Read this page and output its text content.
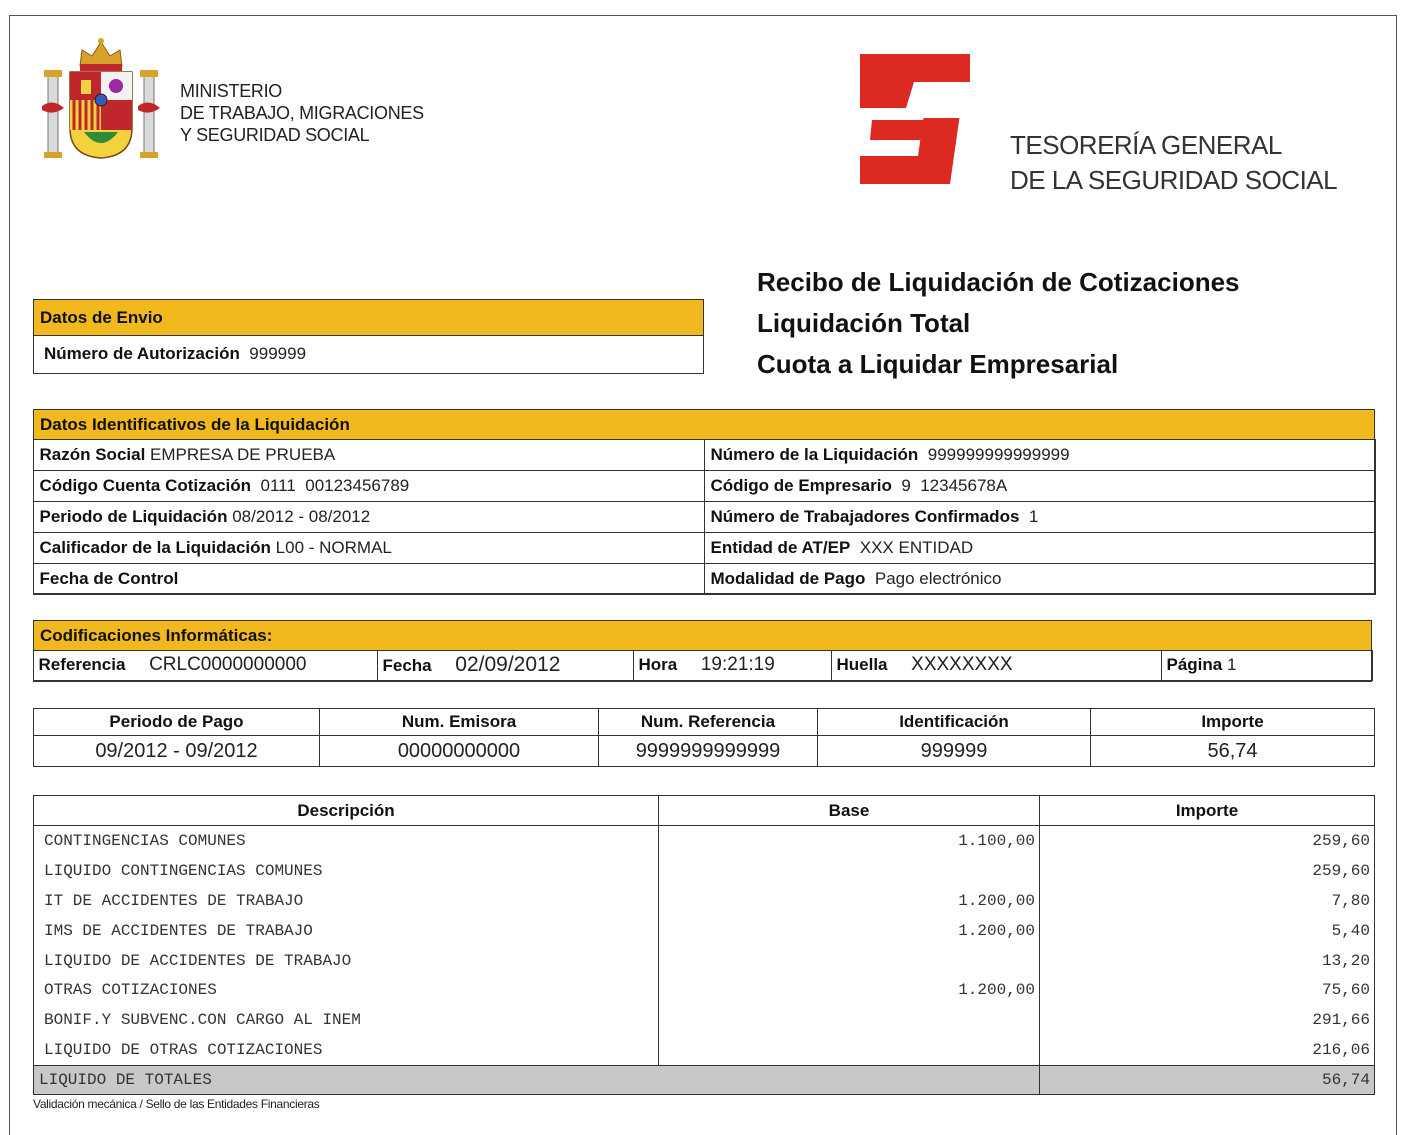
MINISTERIO
DE TRABAJO, MIGRACIONES
Y SEGURIDAD SOCIAL	TESORERÍA GENERAL
DE LA SEGURIDAD SOCIAL
Recibo de Liquidación de Cotizaciones
Liquidación Total
Cuota a Liquidar Empresarial
Datos de Envio
Número de Autorización 999999
Datos Identificativos de la Liquidación
Razón Social EMPRESA DE PRUEBA	Número de la Liquidación 999999999999999
Código Cuenta Cotización 0111  00123456789	Código de Empresario 9  12345678A
Periodo de Liquidación 08/2012 - 08/2012	Número de Trabajadores Confirmados 1
Calificador de la Liquidación L00 - NORMAL	Entidad de AT/EP XXX ENTIDAD
Fecha de Control	Modalidad de Pago Pago electrónico
Codificaciones Informáticas:
Referencia CRLC0000000000	Fecha 02/09/2012	Hora 19:21:19	Huella XXXXXXXX	Página 1
Periodo de Pago	Num. Emisora	Num. Referencia	Identificación	Importe
09/2012 - 09/2012	00000000000	9999999999999	999999	56,74
Descripción	Base	Importe
CONTINGENCIAS COMUNES	1.100,00	259,60
LIQUIDO CONTINGENCIAS COMUNES		259,60
IT DE ACCIDENTES DE TRABAJO	1.200,00	7,80
IMS DE ACCIDENTES DE TRABAJO	1.200,00	5,40
LIQUIDO DE ACCIDENTES DE TRABAJO		13,20
OTRAS COTIZACIONES	1.200,00	75,60
BONIF.Y SUBVENC.CON CARGO AL INEM		291,66
LIQUIDO DE OTRAS COTIZACIONES		216,06
LIQUIDO DE TOTALES		56,74
Validación mecánica / Sello de las Entidades Financieras
